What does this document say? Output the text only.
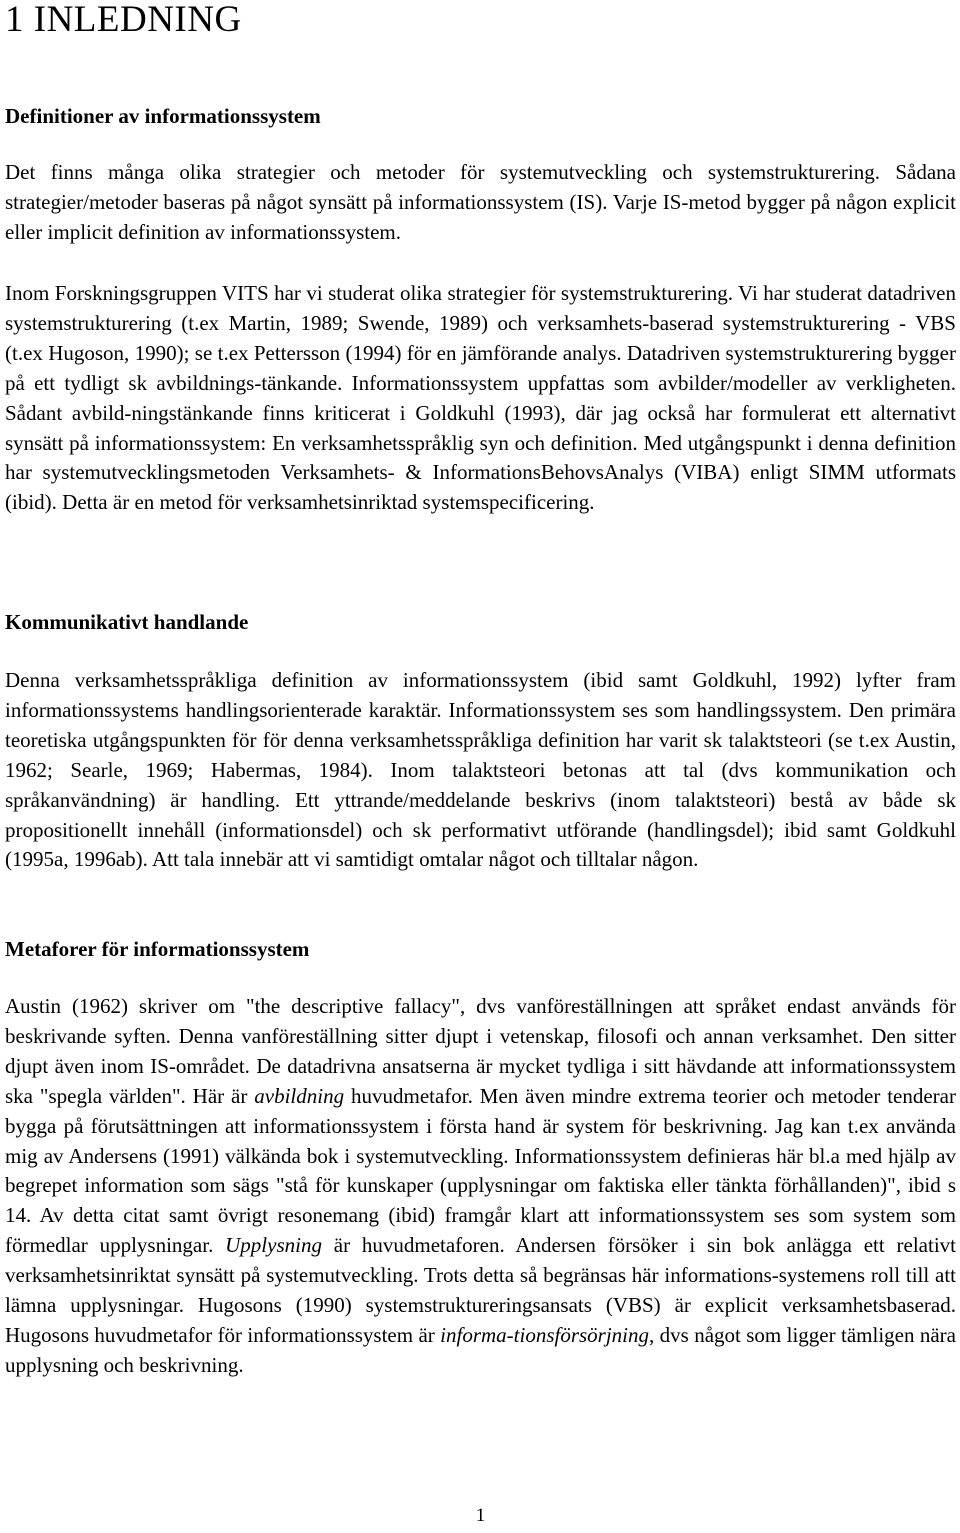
1 INLEDNING
Definitioner av informationssystem

Det finns många olika strategier och metoder för systemutveckling och systemstrukturering. Sådana strategier/metoder baseras på något synsätt på informationssystem (IS). Varje IS-metod bygger på någon explicit eller implicit definition av informationssystem.

Inom Forskningsgruppen VITS har vi studerat olika strategier för systemstrukturering. Vi har studerat datadriven systemstrukturering (t.ex Martin, 1989; Swende, 1989) och verksamhets-baserad systemstrukturering - VBS (t.ex Hugoson, 1990); se t.ex Pettersson (1994) för en jämförande analys. Datadriven systemstrukturering bygger på ett tydligt sk avbildnings-tänkande. Informationssystem uppfattas som avbilder/modeller av verkligheten. Sådant avbild-ningstänkande finns kriticerat i Goldkuhl (1993), där jag också har formulerat ett alternativt synsätt på informationssystem: En verksamhetsspråklig syn och definition. Med utgångspunkt i denna definition har systemutvecklingsmetoden Verksamhets- & InformationsBehovsAnalys (VIBA) enligt SIMM utformats (ibid). Detta är en metod för verksamhetsinriktad systemspecificering.

Kommunikativt handlande

Denna verksamhetsspråkliga definition av informationssystem (ibid samt Goldkuhl, 1992) lyfter fram informationssystems handlingsorienterade karaktär. Informationssystem ses som handlingssystem. Den primära teoretiska utgångspunkten för för denna verksamhetsspråkliga definition har varit sk talaktsteori (se t.ex Austin, 1962; Searle, 1969; Habermas, 1984). Inom talaktsteori betonas att tal (dvs kommunikation och språkanvändning) är handling. Ett yttrande/meddelande beskrivs (inom talaktsteori) bestå av både sk propositionellt innehåll (informationsdel) och sk performativt utförande (handlingsdel); ibid samt Goldkuhl (1995a, 1996ab). Att tala innebär att vi samtidigt omtalar något och tilltalar någon.

Metaforer för informationssystem

Austin (1962) skriver om "the descriptive fallacy", dvs vanföreställningen att språket endast används för beskrivande syften. Denna vanföreställning sitter djupt i vetenskap, filosofi och annan verksamhet. Den sitter djupt även inom IS-området. De datadrivna ansatserna är mycket tydliga i sitt hävdande att informationssystem ska "spegla världen". Här är avbildning huvudmetafor. Men även mindre extrema teorier och metoder tenderar bygga på förutsättningen att informationssystem i första hand är system för beskrivning. Jag kan t.ex använda mig av Andersens (1991) välkända bok i systemutveckling. Informationssystem definieras här bl.a med hjälp av begrepet information som sägs "stå för kunskaper (upplysningar om faktiska eller tänkta förhållanden)", ibid s 14. Av detta citat samt övrigt resonemang (ibid) framgår klart att informationssystem ses som system som förmedlar upplysningar. Upplysning är huvudmetaforen. Andersen försöker i sin bok anlägga ett relativt verksamhetsinriktat synsätt på systemutveckling. Trots detta så begränsas här informations-systemens roll till att lämna upplysningar. Hugosons (1990) systemstruktureringsansats (VBS) är explicit verksamhetsbaserad. Hugosons huvudmetafor för informationssystem är informa-tionsförsörjning, dvs något som ligger tämligen nära upplysning och beskrivning.

1
